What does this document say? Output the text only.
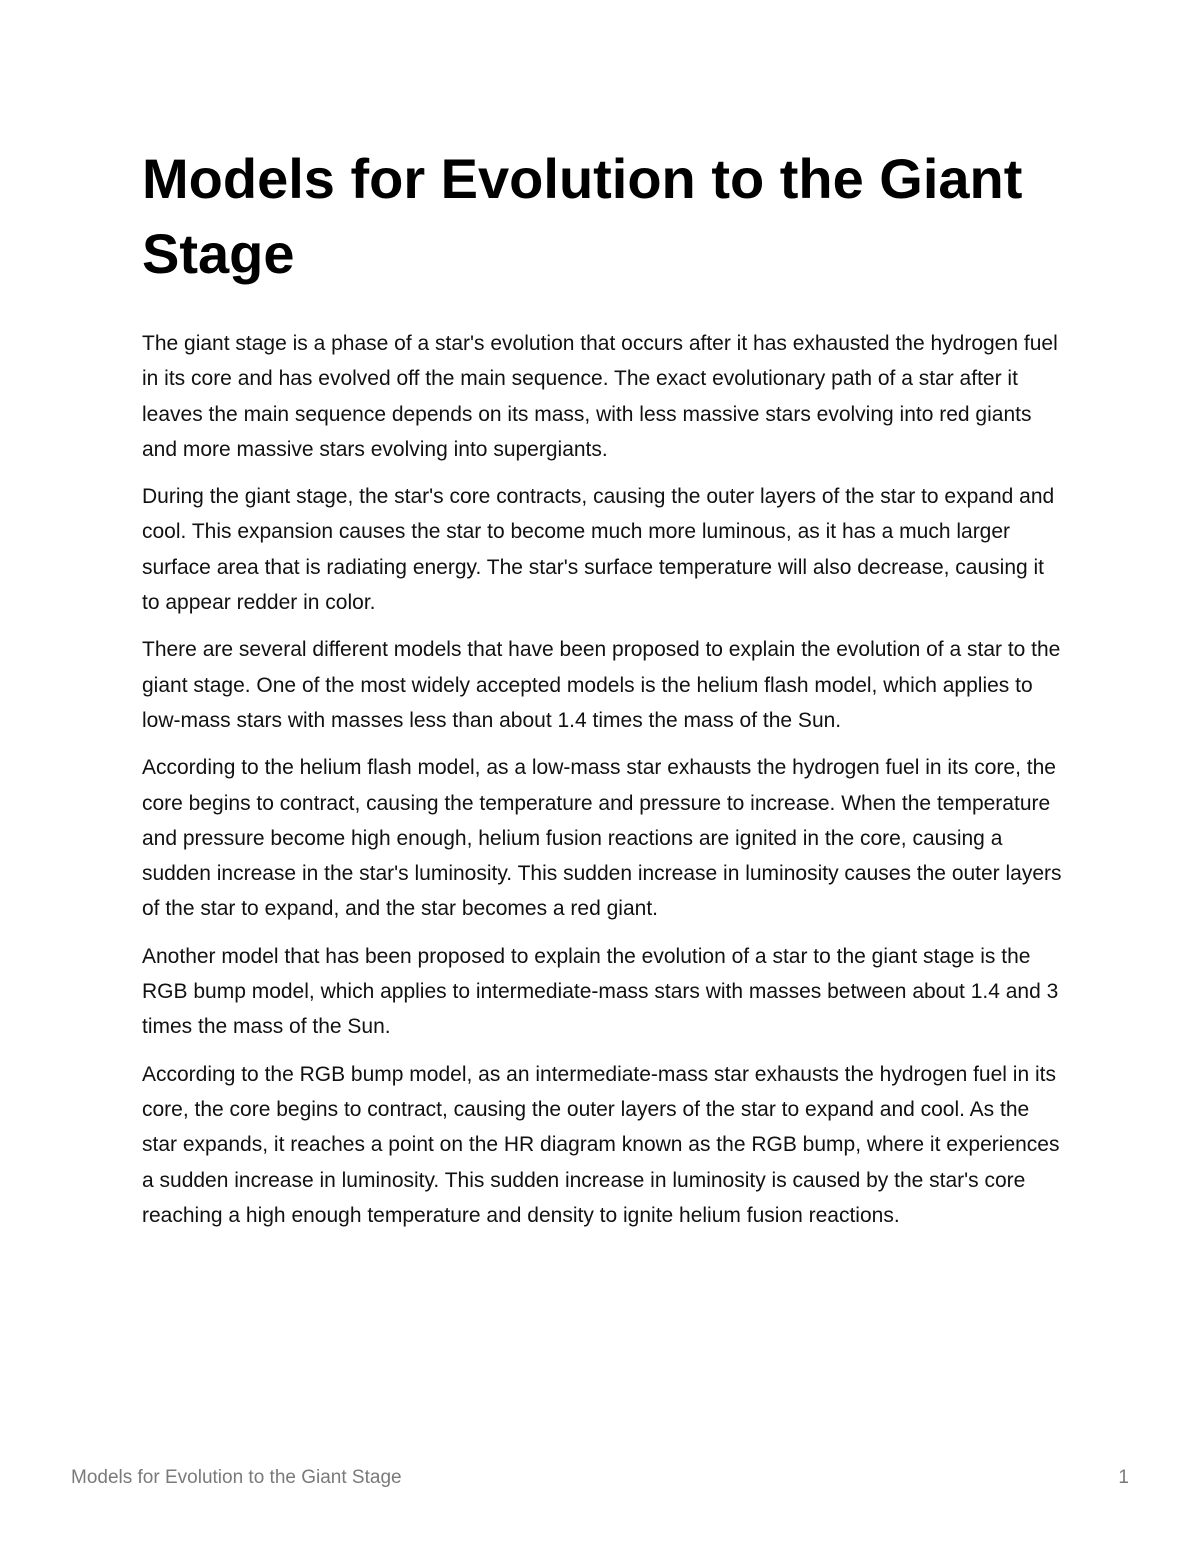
Models for Evolution to the Giant Stage

The giant stage is a phase of a star's evolution that occurs after it has exhausted the hydrogen fuel in its core and has evolved off the main sequence. The exact evolutionary path of a star after it leaves the main sequence depends on its mass, with less massive stars evolving into red giants and more massive stars evolving into supergiants.

During the giant stage, the star's core contracts, causing the outer layers of the star to expand and cool. This expansion causes the star to become much more luminous, as it has a much larger surface area that is radiating energy. The star's surface temperature will also decrease, causing it to appear redder in color.

There are several different models that have been proposed to explain the evolution of a star to the giant stage. One of the most widely accepted models is the helium flash model, which applies to low-mass stars with masses less than about 1.4 times the mass of the Sun.

According to the helium flash model, as a low-mass star exhausts the hydrogen fuel in its core, the core begins to contract, causing the temperature and pressure to increase. When the temperature and pressure become high enough, helium fusion reactions are ignited in the core, causing a sudden increase in the star's luminosity. This sudden increase in luminosity causes the outer layers of the star to expand, and the star becomes a red giant.

Another model that has been proposed to explain the evolution of a star to the giant stage is the RGB bump model, which applies to intermediate-mass stars with masses between about 1.4 and 3 times the mass of the Sun.

According to the RGB bump model, as an intermediate-mass star exhausts the hydrogen fuel in its core, the core begins to contract, causing the outer layers of the star to expand and cool. As the star expands, it reaches a point on the HR diagram known as the RGB bump, where it experiences a sudden increase in luminosity. This sudden increase in luminosity is caused by the star's core reaching a high enough temperature and density to ignite helium fusion reactions.

Models for Evolution to the Giant Stage	1
